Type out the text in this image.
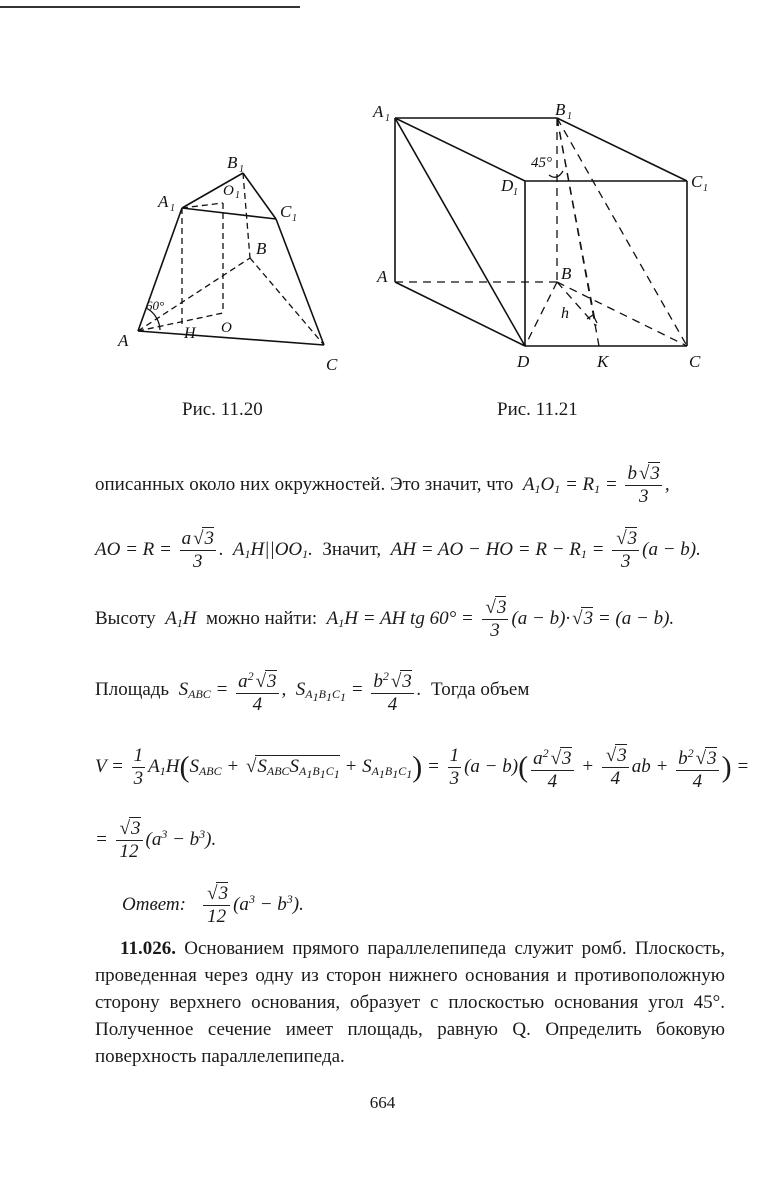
B 1
O 1
A 1	C 1
B
60°
A	H O
C
Рис. 11.20
A 1	B 1
45°
D 1
C 1
A	B
h
D	K	C
Рис. 11.21
описанных около них окружностей. Это значит, что  $A_1O_1 = R_1 = \frac{b√ 3}{3}$ ,
AO = $R = \frac{a√ 3}{3}$ .  $A_1H||OO_1$.  Значит,  AH = AO − HO = $R - R_1$ =
√ $\frac{3}{3} (a - b)$.
Высоту  $A_1H$  можно найти:  $A_1H$ = AH tg 60° =
√ $\frac{3}{3} (a - b)\cdot√$ 3 = (a − b).
Площадь  $S_{ABC} = \frac{a^2√ 3}{4}$ ,  $S_{A_1B_1C_1} = \frac{b^2√ 3}{4}$ .  Тогда объем
$V = \frac{1}{3} A_1H(S_{ABC}$ + √ $S_{ABC}S_{A_1B_1C_1} + S_{A_1B_1C_1}) = \frac{1}{3} (a - b)( \frac{a^2√ 3}{4}$ +
√ $\frac{3}{4}$ ab + $\frac{b^2√ 3}{4}$ ) =
=
√ $\frac{3}{12} (a^3 - b^3)$.
Ответ:
√ $\frac{3}{12} (a^3 - b^3)$.
11.026. Основанием прямого параллелепипеда служит ромб. Плоскость, проведенная через одну из сторон нижнего основания и противоположную сторону верхнего основания, образует с плоскостью основания угол 45°. Полученное сечение имеет площадь, равную Q. Определить боковую поверхность параллелепипеда.
664
